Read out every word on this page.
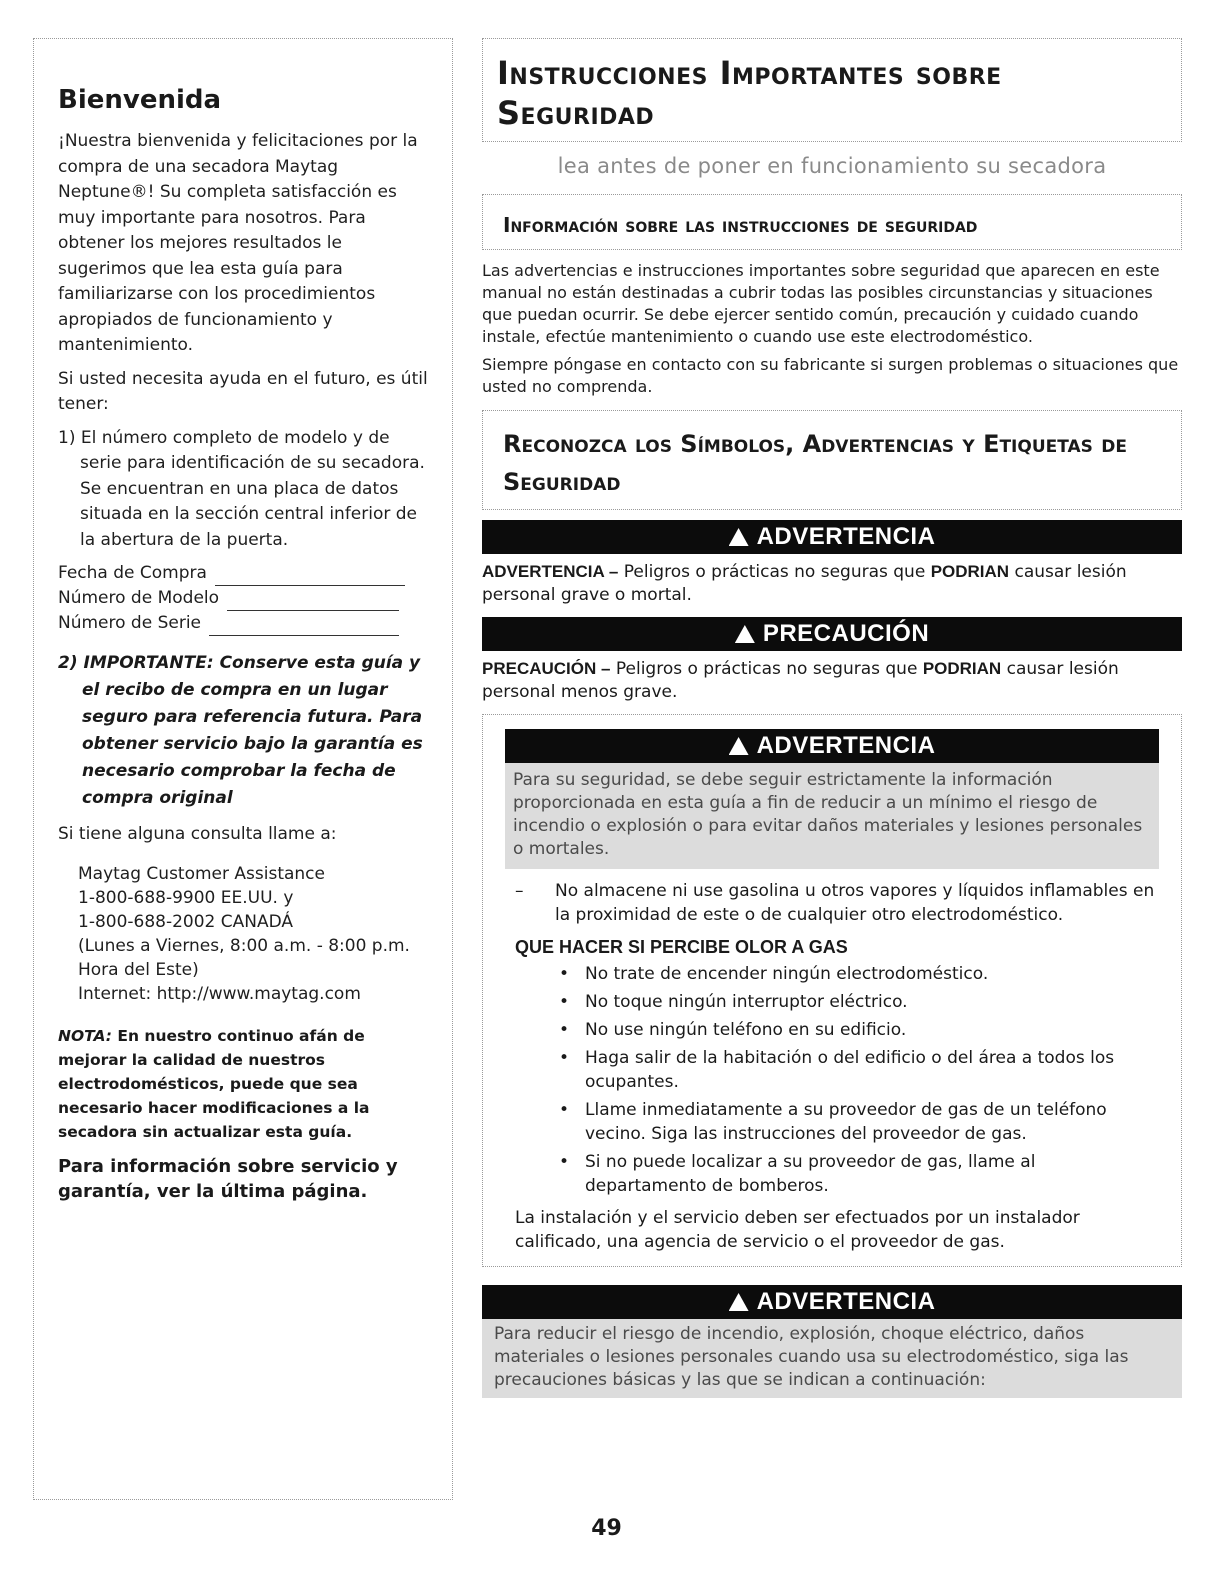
Bienvenida

¡Nuestra bienvenida y felicitaciones por la compra de una secadora Maytag Neptune®! Su completa satisfacción es muy importante para nosotros. Para obtener los mejores resultados le sugerimos que lea esta guía para familiarizarse con los procedimientos apropiados de funcionamiento y mantenimiento.

Si usted necesita ayuda en el futuro, es útil tener:

1) El número completo de modelo y de serie para identificación de su secadora. Se encuentran en una placa de datos situada en la sección central inferior de la abertura de la puerta.

Fecha de Compra
Número de Modelo
Número de Serie

2) IMPORTANTE: Conserve esta guía y el recibo de compra en un lugar seguro para referencia futura. Para obtener servicio bajo la garantía es necesario comprobar la fecha de compra original

Si tiene alguna consulta llame a:

Maytag Customer Assistance
1-800-688-9900 EE.UU. y
1-800-688-2002 CANADÁ
(Lunes a Viernes, 8:00 a.m. - 8:00 p.m.
Hora del Este)
Internet: http://www.maytag.com

NOTA: En nuestro continuo afán de mejorar la calidad de nuestros electrodomésticos, puede que sea necesario hacer modificaciones a la secadora sin actualizar esta guía.

Para información sobre servicio y garantía, ver la última página.

Instrucciones Importantes sobre Seguridad
lea antes de poner en funcionamiento su secadora
Información sobre las instrucciones de seguridad

Las advertencias e instrucciones importantes sobre seguridad que aparecen en este manual no están destinadas a cubrir todas las posibles circunstancias y situaciones que puedan ocurrir. Se debe ejercer sentido común, precaución y cuidado cuando instale, efectúe mantenimiento o cuando use este electrodoméstico.

Siempre póngase en contacto con su fabricante si surgen problemas o situaciones que usted no comprenda.

Reconozca los Símbolos, Advertencias y Etiquetas de Seguridad
ADVERTENCIA

ADVERTENCIA – Peligros o prácticas no seguras que PODRIAN causar lesión personal grave o mortal.

PRECAUCIÓN

PRECAUCIÓN – Peligros o prácticas no seguras que PODRIAN causar lesión personal menos grave.

ADVERTENCIA

Para su seguridad, se debe seguir estrictamente la información proporcionada en esta guía a fin de reducir a un mínimo el riesgo de incendio o explosión o para evitar daños materiales y lesiones personales o mortales.

– No almacene ni use gasolina u otros vapores y líquidos inflamables en la proximidad de este o de cualquier otro electrodoméstico.

QUE HACER SI PERCIBE OLOR A GAS

• No trate de encender ningún electrodoméstico.

• No toque ningún interruptor eléctrico.

• No use ningún teléfono en su edificio.

• Haga salir de la habitación o del edificio o del área a todos los ocupantes.

• Llame inmediatamente a su proveedor de gas de un teléfono vecino. Siga las instrucciones del proveedor de gas.

• Si no puede localizar a su proveedor de gas, llame al departamento de bomberos.

La instalación y el servicio deben ser efectuados por un instalador calificado, una agencia de servicio o el proveedor de gas.

ADVERTENCIA

Para reducir el riesgo de incendio, explosión, choque eléctrico, daños materiales o lesiones personales cuando usa su electrodoméstico, siga las precauciones básicas y las que se indican a continuación:

49
